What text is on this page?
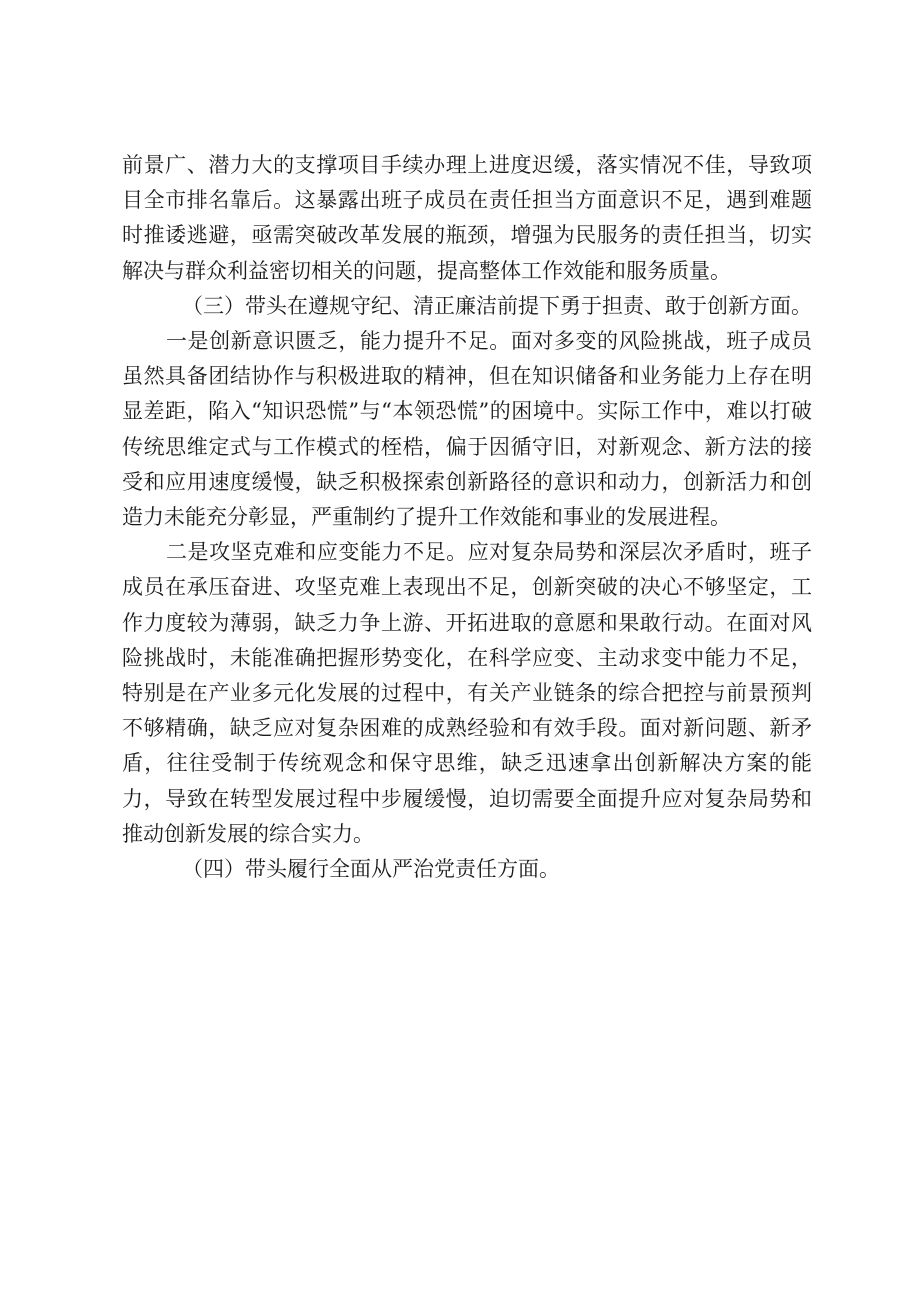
前景广、潜力大的支撑项目手续办理上进度迟缓，落实情况不佳，导致项目全市排名靠后。这暴露出班子成员在责任担当方面意识不足，遇到难题时推诿逃避，亟需突破改革发展的瓶颈，增强为民服务的责任担当，切实解决与群众利益密切相关的问题，提高整体工作效能和服务质量。

（三）带头在遵规守纪、清正廉洁前提下勇于担责、敢于创新方面。

一是创新意识匮乏，能力提升不足。面对多变的风险挑战，班子成员虽然具备团结协作与积极进取的精神，但在知识储备和业务能力上存在明显差距，陷入“知识恐慌”与“本领恐慌”的困境中。实际工作中，难以打破传统思维定式与工作模式的桎梏，偏于因循守旧，对新观念、新方法的接受和应用速度缓慢，缺乏积极探索创新路径的意识和动力，创新活力和创造力未能充分彰显，严重制约了提升工作效能和事业的发展进程。

二是攻坚克难和应变能力不足。应对复杂局势和深层次矛盾时，班子成员在承压奋进、攻坚克难上表现出不足，创新突破的决心不够坚定，工作力度较为薄弱，缺乏力争上游、开拓进取的意愿和果敢行动。在面对风险挑战时，未能准确把握形势变化，在科学应变、主动求变中能力不足，特别是在产业多元化发展的过程中，有关产业链条的综合把控与前景预判不够精确，缺乏应对复杂困难的成熟经验和有效手段。面对新问题、新矛盾，往往受制于传统观念和保守思维，缺乏迅速拿出创新解决方案的能力，导致在转型发展过程中步履缓慢，迫切需要全面提升应对复杂局势和推动创新发展的综合实力。

（四）带头履行全面从严治党责任方面。
